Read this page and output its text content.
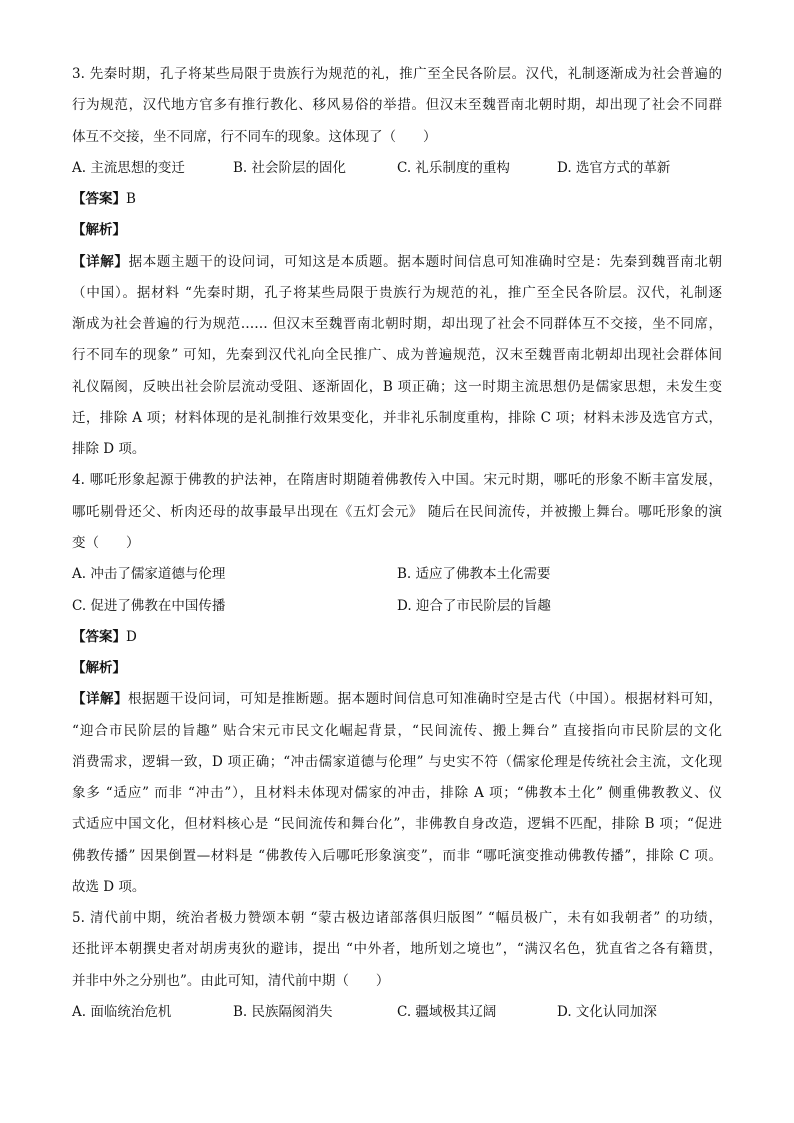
3. 先秦时期，孔子将某些局限于贵族行为规范的礼，推广至全民各阶层。汉代，礼制逐渐成为社会普遍的
行为规范，汉代地方官多有推行教化、移风易俗的举措。但汉末至魏晋南北朝时期，却出现了社会不同群
体互不交接，坐不同席，行不同车的现象。这体现了（　　）
A. 主流思想的变迁	B. 社会阶层的固化	C. 礼乐制度的重构	D. 选官方式的革新
【答案】B
【解析】
【详解】据本题主题干的设问词，可知这是本质题。据本题时间信息可知准确时空是：先秦到魏晋南北朝
（中国）。据材料 “先秦时期，孔子将某些局限于贵族行为规范的礼，推广至全民各阶层。汉代，礼制逐
渐成为社会普遍的行为规范…… 但汉末至魏晋南北朝时期，却出现了社会不同群体互不交接，坐不同席，
行不同车的现象” 可知，先秦到汉代礼向全民推广、成为普遍规范，汉末至魏晋南北朝却出现社会群体间
礼仪隔阂，反映出社会阶层流动受阻、逐渐固化，B 项正确；这一时期主流思想仍是儒家思想，未发生变
迁，排除 A 项；材料体现的是礼制推行效果变化，并非礼乐制度重构，排除 C 项；材料未涉及选官方式，
排除 D 项。
4. 哪吒形象起源于佛教的护法神，在隋唐时期随着佛教传入中国。宋元时期，哪吒的形象不断丰富发展，
哪吒剔骨还父、析肉还母的故事最早出现在《五灯会元》 随后在民间流传，并被搬上舞台。哪吒形象的演
变（　　）
A. 冲击了儒家道德与伦理	B. 适应了佛教本土化需要
C. 促进了佛教在中国传播	D. 迎合了市民阶层的旨趣
【答案】D
【解析】
【详解】根据题干设问词，可知是推断题。据本题时间信息可知准确时空是古代（中国）。根据材料可知，
“迎合市民阶层的旨趣” 贴合宋元市民文化崛起背景，“民间流传、搬上舞台” 直接指向市民阶层的文化
消费需求，逻辑一致，D 项正确；“冲击儒家道德与伦理” 与史实不符（儒家伦理是传统社会主流，文化现
象多 “适应” 而非 “冲击”），且材料未体现对儒家的冲击，排除 A 项；“佛教本土化” 侧重佛教教义、仪
式适应中国文化，但材料核心是 “民间流传和舞台化”，非佛教自身改造，逻辑不匹配，排除 B 项；“促进
佛教传播” 因果倒置—材料是 “佛教传入后哪吒形象演变”，而非 “哪吒演变推动佛教传播”，排除 C 项。
故选 D 项。
5. 清代前中期，统治者极力赞颂本朝 “蒙古极边诸部落俱归版图” “幅员极广，未有如我朝者” 的功绩，
还批评本朝撰史者对胡虏夷狄的避讳，提出 “中外者，地所划之境也”，“满汉名色，犹直省之各有籍贯，
并非中外之分别也”。由此可知，清代前中期（　　）
A. 面临统治危机	B. 民族隔阂消失	C. 疆域极其辽阔	D. 文化认同加深
